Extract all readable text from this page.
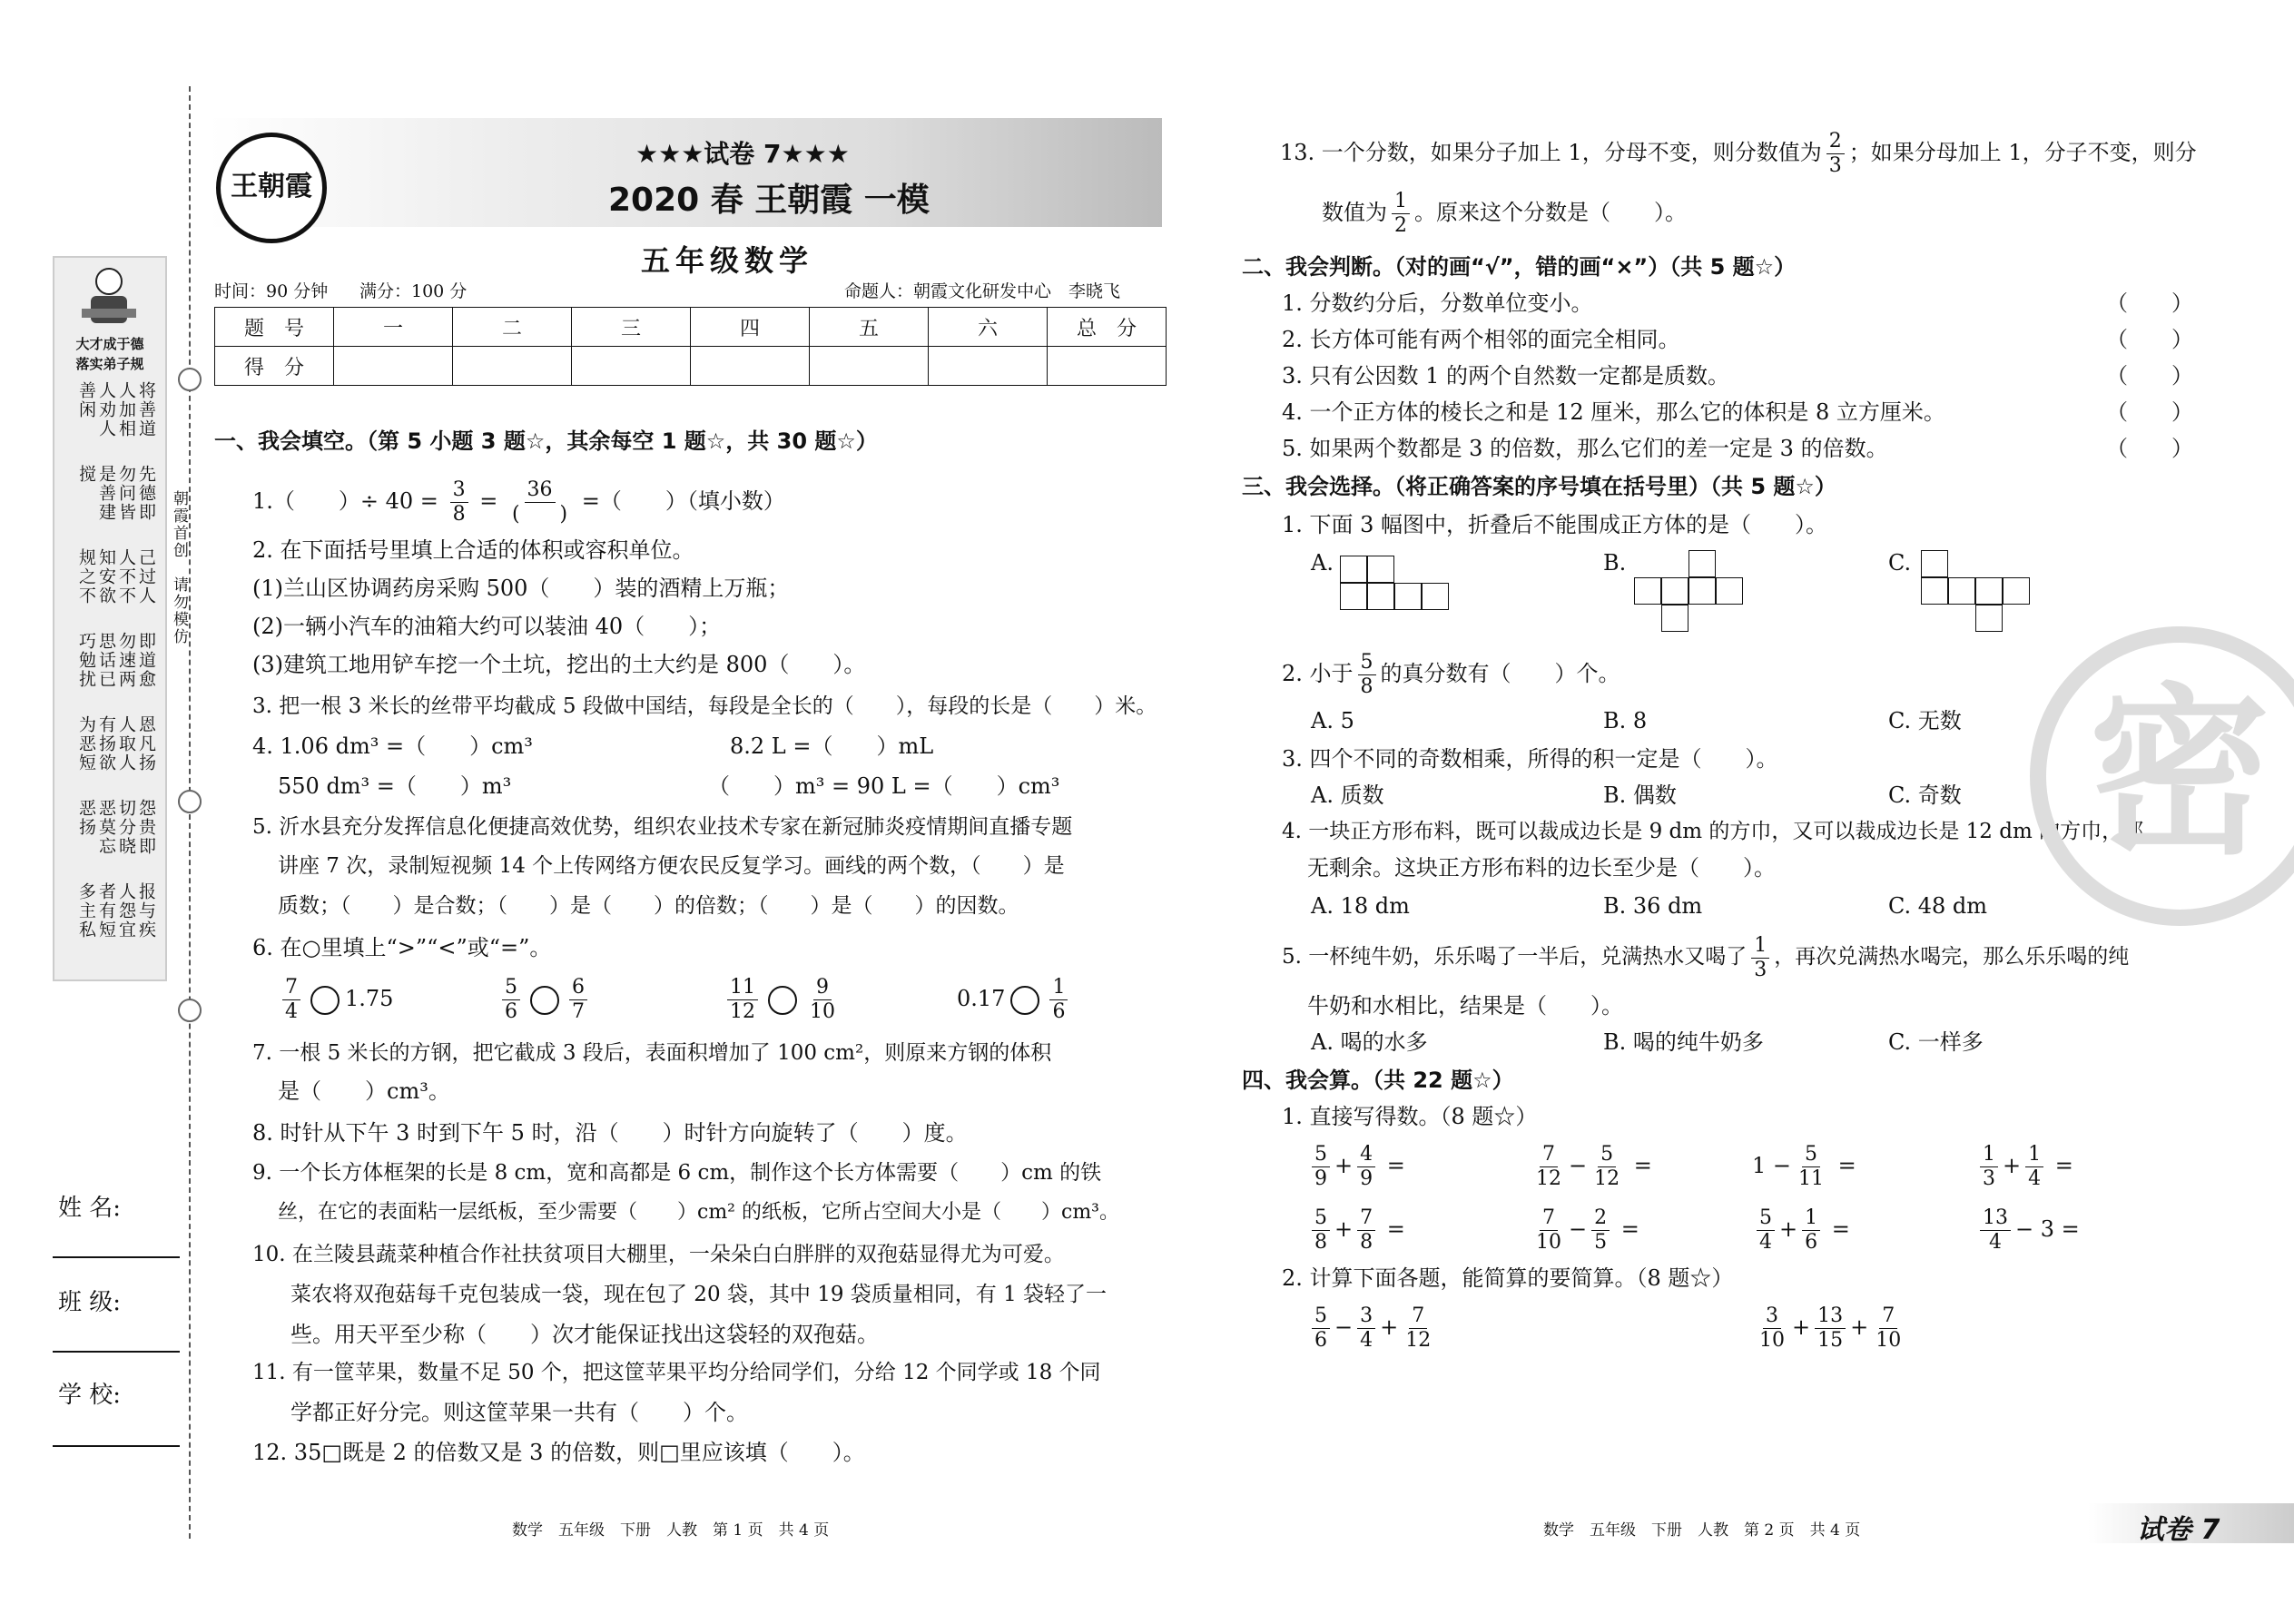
大才成于德
落实弟子规
将善道人加相人劝人善闲
先德即勿问皆是善建搅
己过人人不不知安欲规之不
即道愈勿速两思话已巧勉扰
恩凡扬人取人有扬欲为恶短
怨贵即切分晓恶莫忘恶扬
报与疾人怨宜者有短多主私
朝霞首创　请勿模仿
姓 名:
班 级:
学 校:
王朝霞
★★★试卷 7★★★
2020 春 王朝霞 一模
五年级数学
时间：90 分钟 满分：100 分	命题人：朝霞文化研发中心　李晓飞
题　号	一	二	三	四	五	六	总　分
得　分							
一、我会填空。（第 5 小题 3 题☆，其余每空 1 题☆，共 30 题☆）
1.（　　）÷ $40 = \frac{3}{8} = \frac{36}{( )}$ =（　　）（填小数）
2. 在下面括号里填上合适的体积或容积单位。
(1)兰山区协调药房采购 500（　　）装的酒精上万瓶；
(2)一辆小汽车的油箱大约可以装油 40（　　）；
(3)建筑工地用铲车挖一个土坑，挖出的土大约是 800（　　）。
3. 把一根 3 米长的丝带平均截成 5 段做中国结，每段是全长的（　　），每段的长是（　　）米。
4. 1.06 dm³ =（　　）cm³	8.2 L =（　　）mL
550 dm³ =（　　）m³	（　　）m³ = 90 L =（　　）cm³
5. 沂水县充分发挥信息化便捷高效优势，组织农业技术专家在新冠肺炎疫情期间直播专题
讲座 7 次，录制短视频 14 个上传网络方便农民反复学习。画线的两个数，（　　）是
质数；（　　）是合数；（　　）是（　　）的倍数；（　　）是（　　）的因数。
6. 在○里填上“>”“<”或“=”。
$\frac{7}{4} 1.75$	$\frac{5}{6} \frac{6}{7}$	$\frac{11}{12} \frac{9}{10}$	$0.17 \frac{1}{6}$
7. 一根 5 米长的方钢，把它截成 3 段后，表面积增加了 100 cm²，则原来方钢的体积
是（　　）cm³。
8. 时针从下午 3 时到下午 5 时，沿（　　）时针方向旋转了（　　）度。
9. 一个长方体框架的长是 8 cm，宽和高都是 6 cm，制作这个长方体需要（　　）cm 的铁
丝，在它的表面粘一层纸板，至少需要（　　）cm² 的纸板，它所占空间大小是（　　）cm³。
10. 在兰陵县蔬菜种植合作社扶贫项目大棚里，一朵朵白白胖胖的双孢菇显得尤为可爱。
菜农将双孢菇每千克包装成一袋，现在包了 20 袋，其中 19 袋质量相同，有 1 袋轻了一
些。用天平至少称（　　）次才能保证找出这袋轻的双孢菇。
11. 有一筐苹果，数量不足 50 个，把这筐苹果平均分给同学们，分给 12 个同学或 18 个同
学都正好分完。则这筐苹果一共有（　　）个。
12. 35□既是 2 的倍数又是 3 的倍数，则□里应该填（　　）。
数学　五年级　下册　人教　第 1 页　共 4 页
13. 一个分数，如果分子加上 1，分母不变，则分数值为 $\frac{2}{3}$ ；如果分母加上 1，分子不变，则分
数值为 $\frac{1}{2}$ 。原来这个分数是（　　）。
二、我会判断。（对的画“√”，错的画“×”）（共 5 题☆）
1. 分数约分后，分数单位变小。	（　　）
2. 长方体可能有两个相邻的面完全相同。	（　　）
3. 只有公因数 1 的两个自然数一定都是质数。	（　　）
4. 一个正方体的棱长之和是 12 厘米，那么它的体积是 8 立方厘米。	（　　）
5. 如果两个数都是 3 的倍数，那么它们的差一定是 3 的倍数。	（　　）
三、我会选择。（将正确答案的序号填在括号里）（共 5 题☆）
1. 下面 3 幅图中，折叠后不能围成正方体的是（　　）。
A.	B.	C.
2. 小于 $\frac{5}{8}$ 的真分数有（　　）个。
A. 5	B. 8	C. 无数
3. 四个不同的奇数相乘，所得的积一定是（　　）。
A. 质数	B. 偶数	C. 奇数
4. 一块正方形布料，既可以裁成边长是 9 dm 的方巾，又可以裁成边长是 12 dm 的方巾，都
无剩余。这块正方形布料的边长至少是（　　）。
A. 18 dm	B. 36 dm	C. 48 dm
5. 一杯纯牛奶，乐乐喝了一半后，兑满热水又喝了 $\frac{1}{3}$ ，再次兑满热水喝完，那么乐乐喝的纯
牛奶和水相比，结果是（　　）。
A. 喝的水多	B. 喝的纯牛奶多	C. 一样多
四、我会算。（共 22 题☆）
1. 直接写得数。（8 题☆）
$\frac{5}{9} + \frac{4}{9}$ =	$\frac{7}{12} - \frac{5}{12}$ =	$1 - \frac{5}{11}$ =	$\frac{1}{3} + \frac{1}{4}$ =
$\frac{5}{8} + \frac{7}{8}$ =	$\frac{7}{10} - \frac{2}{5}$ =	$\frac{5}{4} + \frac{1}{6}$ =	$\frac{13}{4} - 3$ =
2. 计算下面各题，能简算的要简算。（8 题☆）
$\frac{5}{6} - \frac{3}{4} + \frac{7}{12}$	$\frac{3}{10} + \frac{13}{15} + \frac{7}{10}$
数学　五年级　下册　人教　第 2 页　共 4 页	试卷 7
密
